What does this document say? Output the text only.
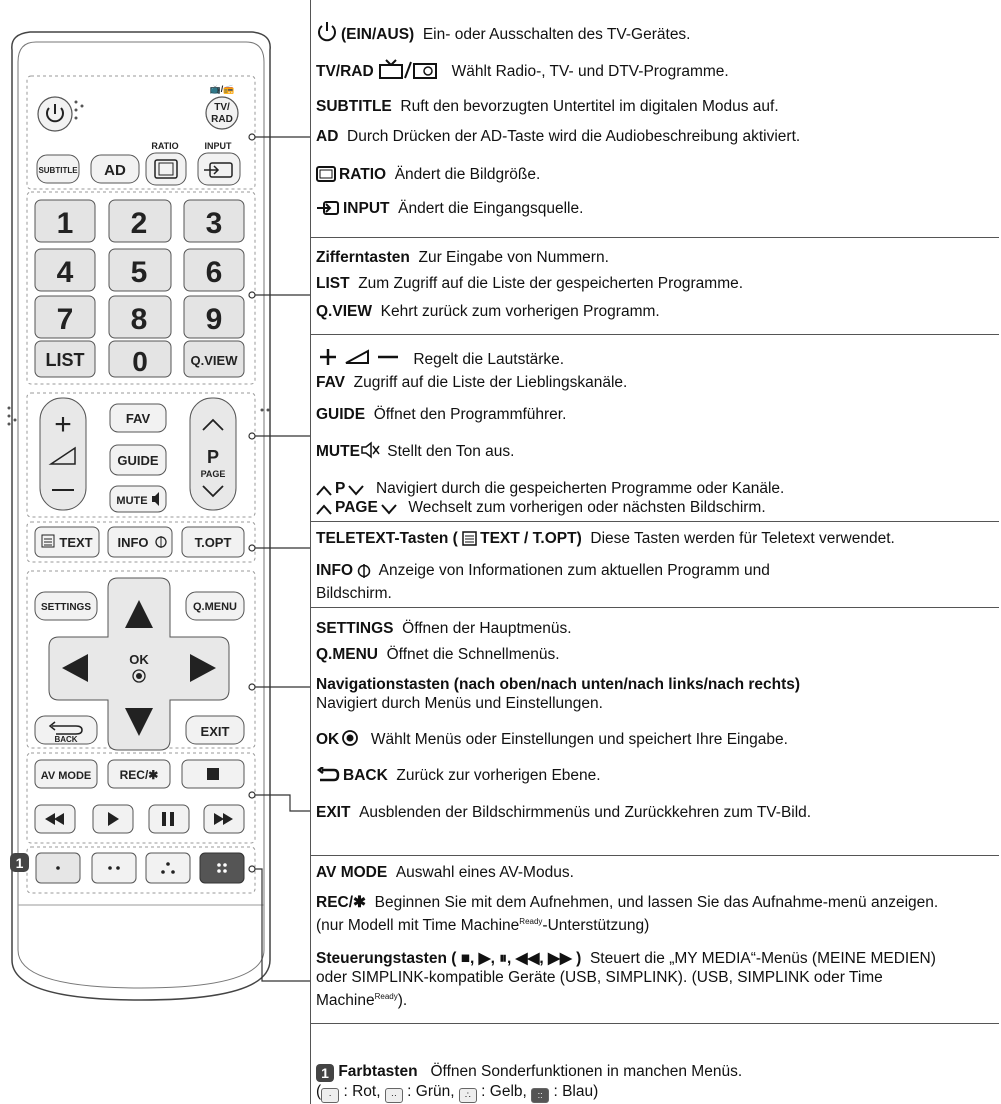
📺/📻
TV/
RAD
RATIO	INPUT
SUBTITLE AD
1 2 3
4 5 6
7 8 9
LIST 0	Q.VIEW
+	FAV
GUIDE
MUTE
P
PAGE
TEXT INFO	T.OPT
SETTINGS	Q.MENU
OK
BACK
EXIT
AV MODE REC/✱
1
(EIN/AUS) Ein- oder Ausschalten des TV-Gerätes.
TV/RAD	Wählt Radio-, TV- und DTV-Programme.
SUBTITLE Ruft den bevorzugten Untertitel im digitalen Modus auf.
AD Durch Drücken der AD-Taste wird die Audiobeschreibung aktiviert.
RATIO Ändert die Bildgröße.
INPUT Ändert die Eingangsquelle.
Zifferntasten Zur Eingabe von Nummern.
LIST Zum Zugriff auf die Liste der gespeicherten Programme.
Q.VIEW Kehrt zurück zum vorherigen Programm.
Regelt die Lautstärke.
FAV Zugriff auf die Liste der Lieblingskanäle.
GUIDE Öffnet den Programmführer.
MUTE Stellt den Ton aus.
P Navigiert durch die gespeicherten Programme oder Kanäle.
PAGE Wechselt zum vorherigen oder nächsten Bildschirm.
TELETEXT-Tasten ( TEXT / T.OPT) Diese Tasten werden für Teletext verwendet.
INFO Anzeige von Informationen zum aktuellen Programm und Bildschirm.
SETTINGS Öffnen der Hauptmenüs.
Q.MENU Öffnet die Schnellmenüs.
Navigationstasten (nach oben/nach unten/nach links/nach rechts)
Navigiert durch Menüs und Einstellungen.
OK Wählt Menüs oder Einstellungen und speichert Ihre Eingabe.
BACK Zurück zur vorherigen Ebene.
EXIT Ausblenden der Bildschirmmenüs und Zurückkehren zum TV-Bild.
AV MODE Auswahl eines AV-Modus.
REC/✱ Beginnen Sie mit dem Aufnehmen, und lassen Sie das Aufnahme-menü anzeigen. (nur Modell mit Time Machine$^{Ready}$-Unterstützung)
Steuerungstasten ( ■, ▶, ⏸, ◀◀, ▶▶ ) Steuert die „MY MEDIA“-Menüs (MEINE MEDIEN) oder SIMPLINK-kompatible Geräte (USB, SIMPLINK). (USB, SIMPLINK oder Time Machine$^{Ready}$).
1 Farbtasten Öffnen Sonderfunktionen in manchen Menüs.
( · : Rot, ·· : Grün, ∴ : Gelb, :: : Blau)
